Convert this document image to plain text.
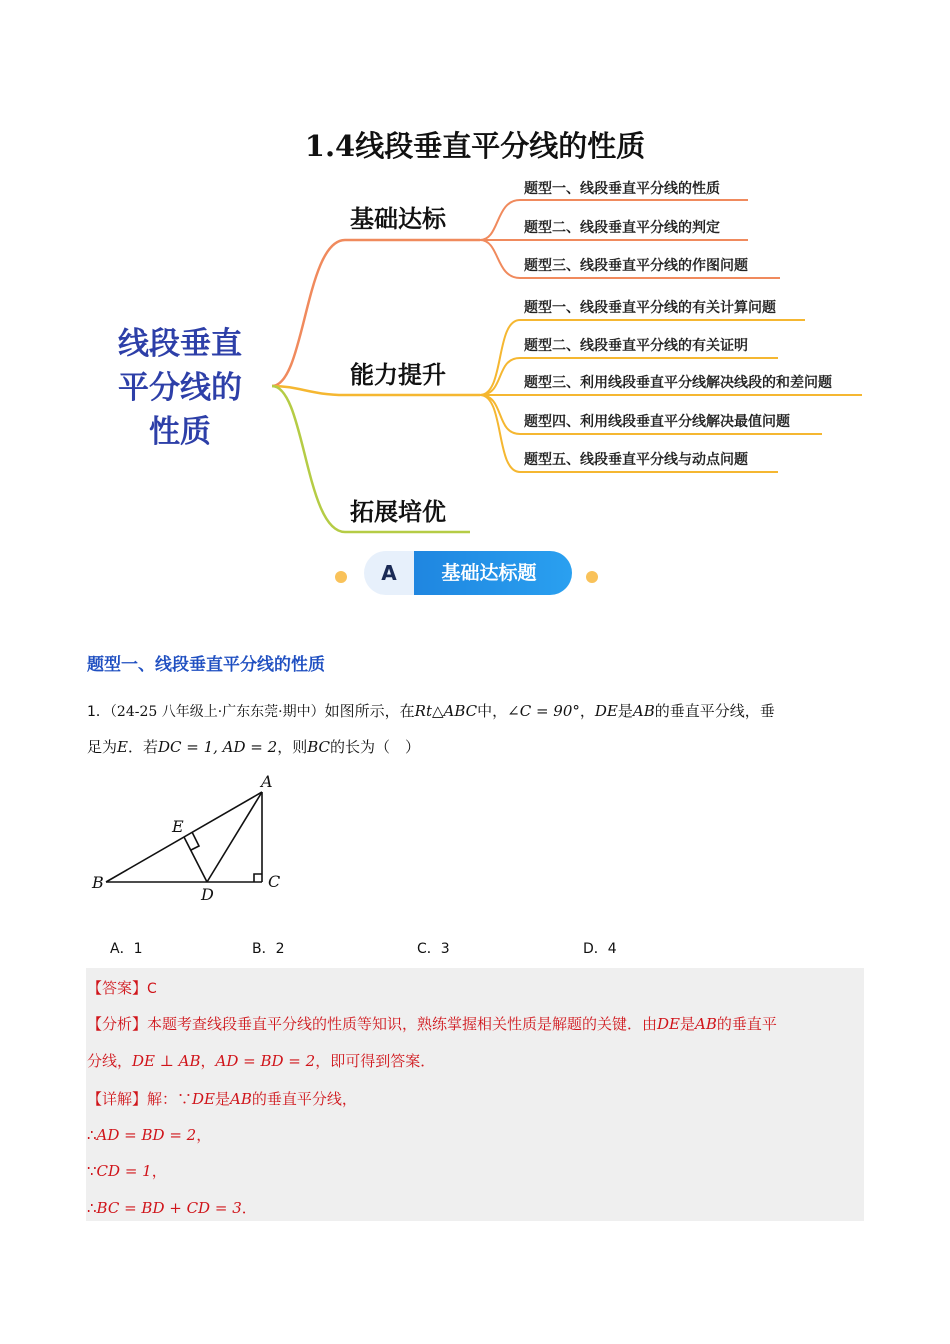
1.4线段垂直平分线的性质
线段垂直
平分线的
性质
基础达标
能力提升
拓展培优
题型一、线段垂直平分线的性质
题型二、线段垂直平分线的判定
题型三、线段垂直平分线的作图问题
题型一、线段垂直平分线的有关计算问题
题型二、线段垂直平分线的有关证明
题型三、利用线段垂直平分线解决线段的和差问题
题型四、利用线段垂直平分线解决最值问题
题型五、线段垂直平分线与动点问题
A	基础达标题
题型一、线段垂直平分线的性质
1．（24-25 八年级上·广东东莞·期中）如图所示，在Rt△ABC中，∠C = 90°，DE是AB的垂直平分线，垂
足为E．若DC = 1, AD = 2，则BC的长为（　）
A
B	C
D
E
A．1	B．2	C．3	D．4
【答案】C
【分析】本题考查线段垂直平分线的性质等知识，熟练掌握相关性质是解题的关键．由DE是AB的垂直平
分线，DE ⊥ AB，AD = BD = 2，即可得到答案．
【详解】解：∵DE是AB的垂直平分线，
∴AD = BD = 2，
∵CD = 1，
∴BC = BD + CD = 3．
